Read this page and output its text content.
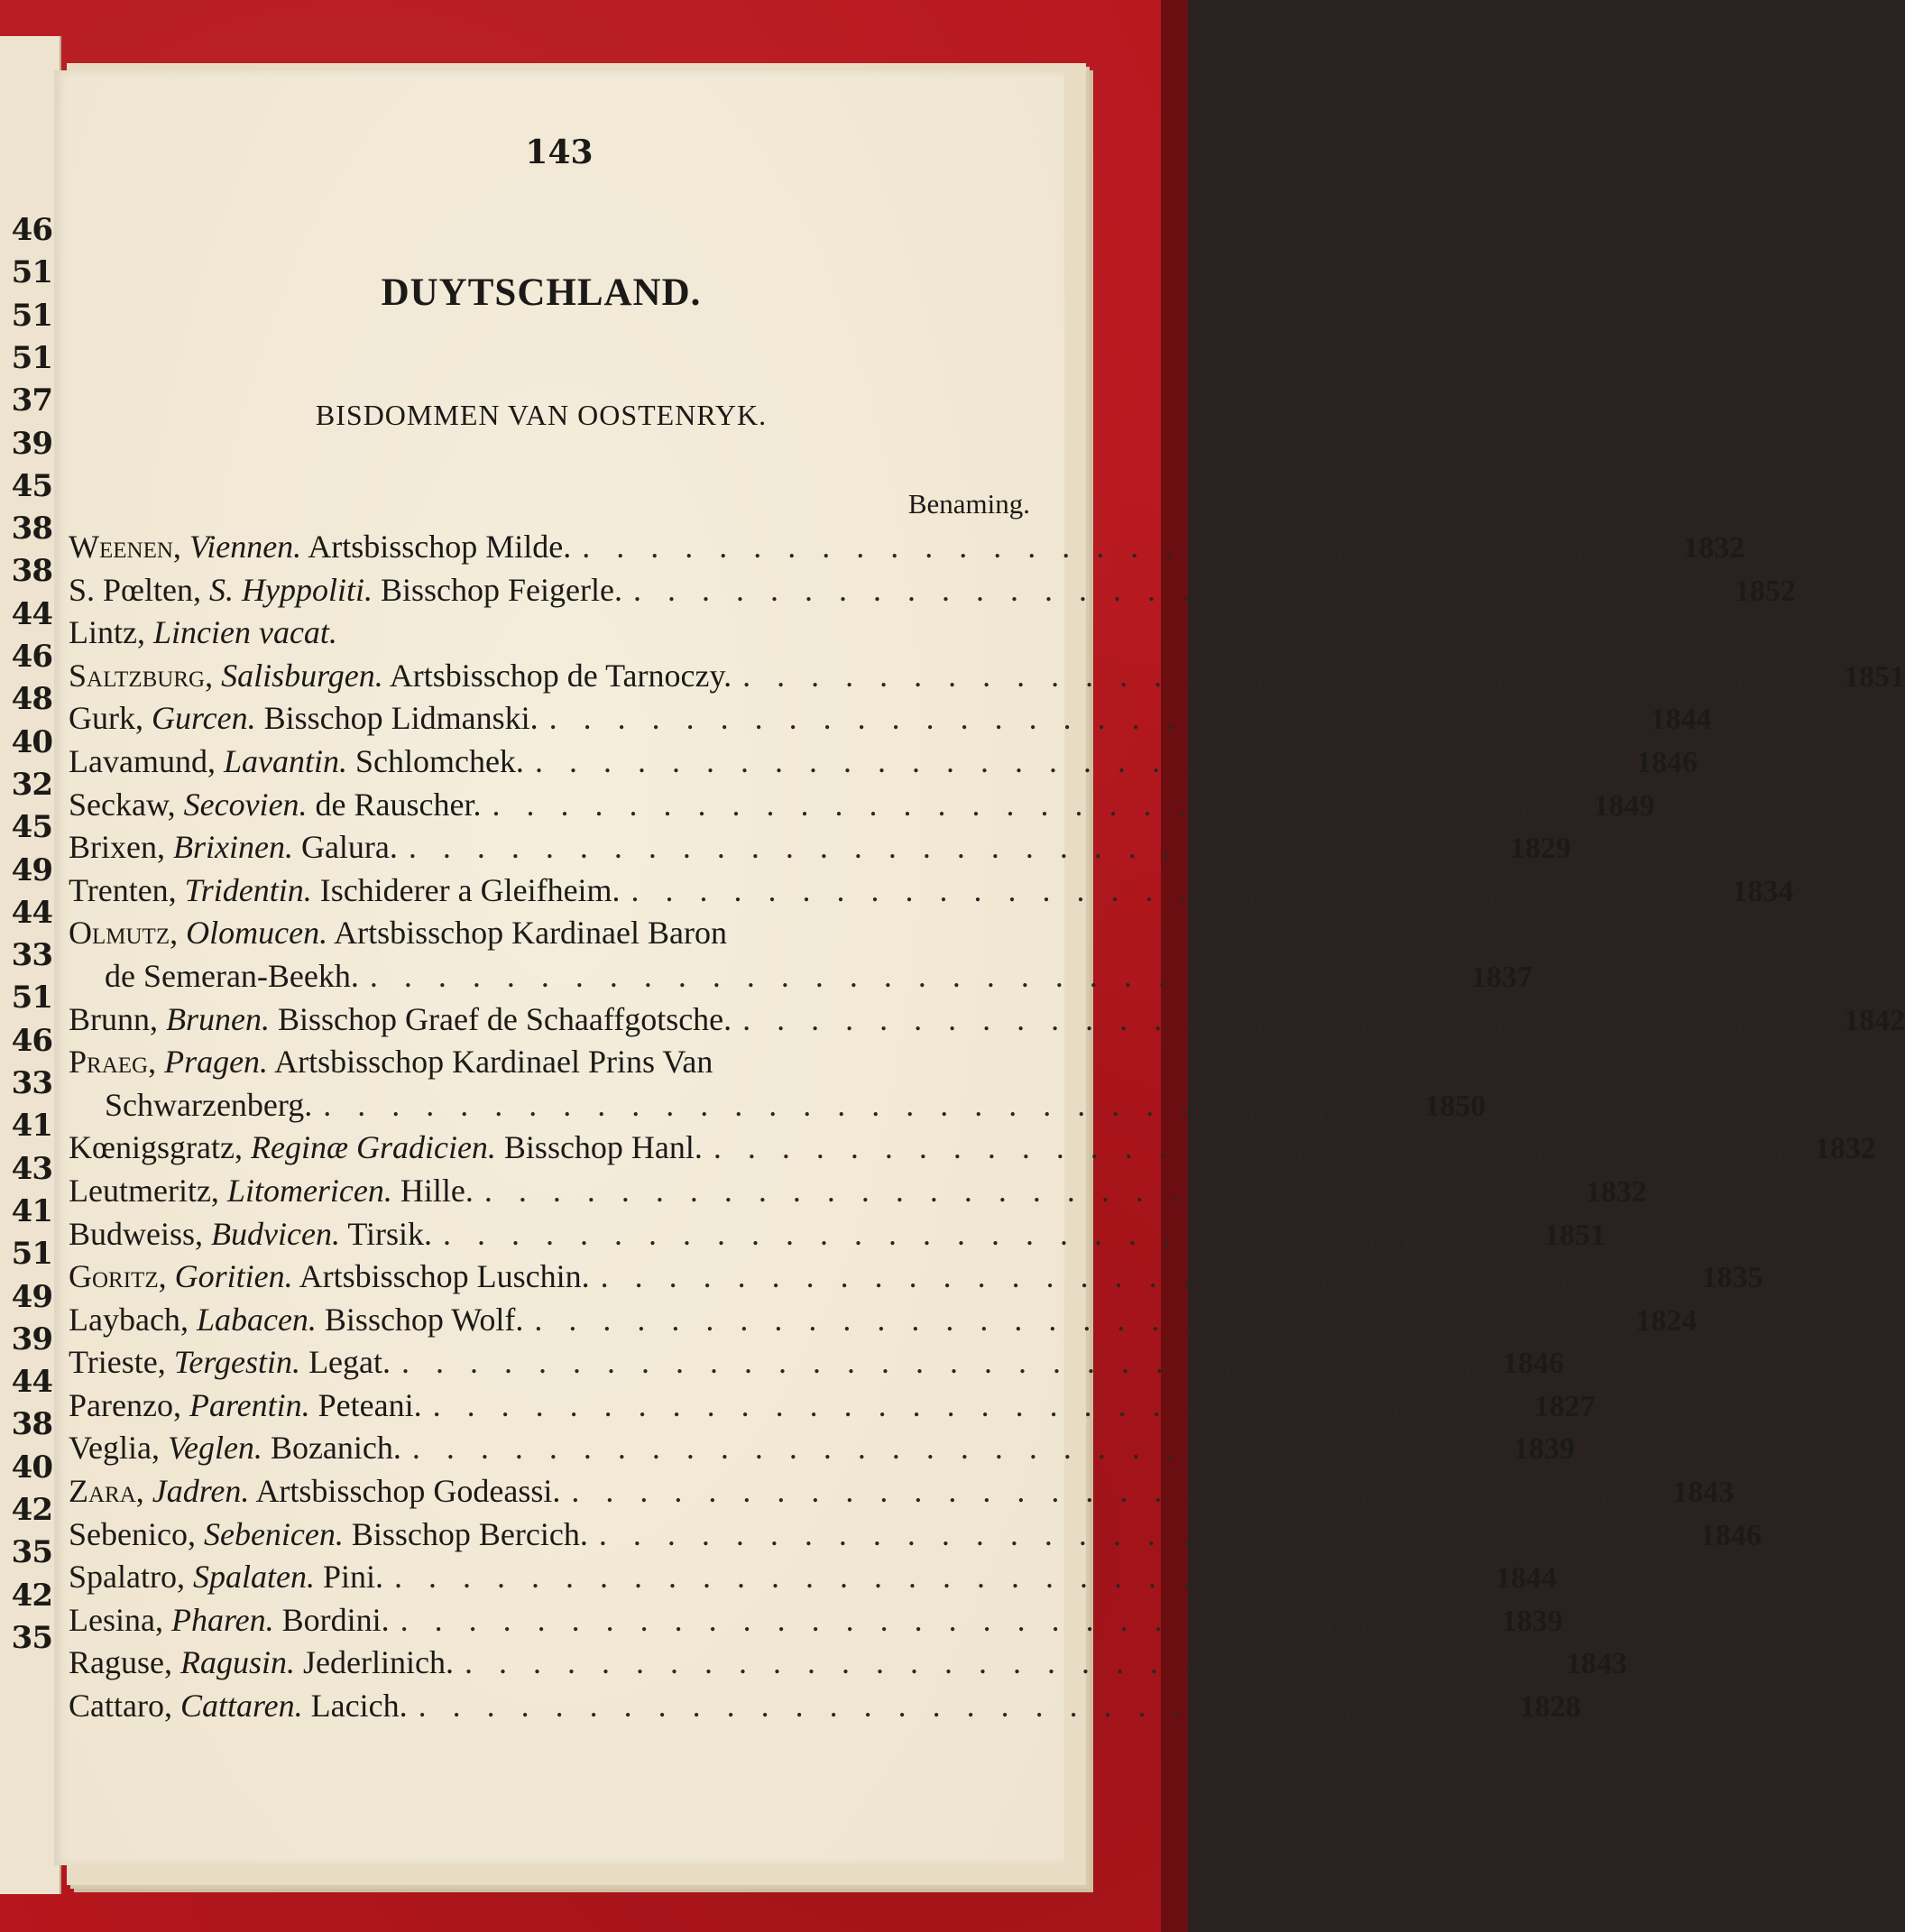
46
51
51
51
37
39
45
38
38
44
46
48
40
32
45
49
44
33
51
46
33
41
43
41
51
49
39
44
38
40
42
35
42
35
143
DUYTSCHLAND.
BISDOMMEN VAN OOSTENRYK.
Benaming.
Weenen, Viennen. Artsbisschop Milde. . . . . . . . . . . . . . . . . . . . . . . . . . . . . . . . . 1832
S. Pœlten, S. Hyppoliti. Bisschop Feigerle. . . . . . . . . . . . . . . . . . . . . . . . . . . . . . . . . 1852
Lintz, Lincien vacat.
Saltzburg, Salisburgen. Artsbisschop de Tarnoczy. . . . . . . . . . . . . . . . . . . . . . . . . . . . . . . . . 1851
Gurk, Gurcen. Bisschop Lidmanski. . . . . . . . . . . . . . . . . . . . . . . . . . . . . . . . . 1844
Lavamund, Lavantin. Schlomchek. . . . . . . . . . . . . . . . . . . . . . . . . . . . . . . . . 1846
Seckaw, Secovien. de Rauscher. . . . . . . . . . . . . . . . . . . . . . . . . . . . . . . . . 1849
Brixen, Brixinen. Galura. . . . . . . . . . . . . . . . . . . . . . . . . . . . . . . . . 1829
Trenten, Tridentin. Ischiderer a Gleifheim. . . . . . . . . . . . . . . . . . . . . . . . . . . . . . . . . 1834
Olmutz, Olomucen. Artsbisschop Kardinael Baron
de Semeran-Beekh. . . . . . . . . . . . . . . . . . . . . . . . . . . . . . . . . 1837
Brunn, Brunen. Bisschop Graef de Schaaffgotsche. . . . . . . . . . . . . . . . . . . . . . . . . . . . . . . . . 1842
Praeg, Pragen. Artsbisschop Kardinael Prins Van
Schwarzenberg. . . . . . . . . . . . . . . . . . . . . . . . . . . . . . . . . 1850
Kœnigsgratz, Reginæ Gradicien. Bisschop Hanl. . . . . . . . . . . . . . . . . . . . . . . . . . . . . . . . . 1832
Leutmeritz, Litomericen. Hille. . . . . . . . . . . . . . . . . . . . . . . . . . . . . . . . . 1832
Budweiss, Budvicen. Tirsik. . . . . . . . . . . . . . . . . . . . . . . . . . . . . . . . . 1851
Goritz, Goritien. Artsbisschop Luschin. . . . . . . . . . . . . . . . . . . . . . . . . . . . . . . . . 1835
Laybach, Labacen. Bisschop Wolf. . . . . . . . . . . . . . . . . . . . . . . . . . . . . . . . . 1824
Trieste, Tergestin. Legat. . . . . . . . . . . . . . . . . . . . . . . . . . . . . . . . . 1846
Parenzo, Parentin. Peteani. . . . . . . . . . . . . . . . . . . . . . . . . . . . . . . . . 1827
Veglia, Veglen. Bozanich. . . . . . . . . . . . . . . . . . . . . . . . . . . . . . . . . 1839
Zara, Jadren. Artsbisschop Godeassi. . . . . . . . . . . . . . . . . . . . . . . . . . . . . . . . . 1843
Sebenico, Sebenicen. Bisschop Bercich. . . . . . . . . . . . . . . . . . . . . . . . . . . . . . . . . 1846
Spalatro, Spalaten. Pini. . . . . . . . . . . . . . . . . . . . . . . . . . . . . . . . . 1844
Lesina, Pharen. Bordini. . . . . . . . . . . . . . . . . . . . . . . . . . . . . . . . . 1839
Raguse, Ragusin. Jederlinich. . . . . . . . . . . . . . . . . . . . . . . . . . . . . . . . . 1843
Cattaro, Cattaren. Lacich. . . . . . . . . . . . . . . . . . . . . . . . . . . . . . . . . 1828
